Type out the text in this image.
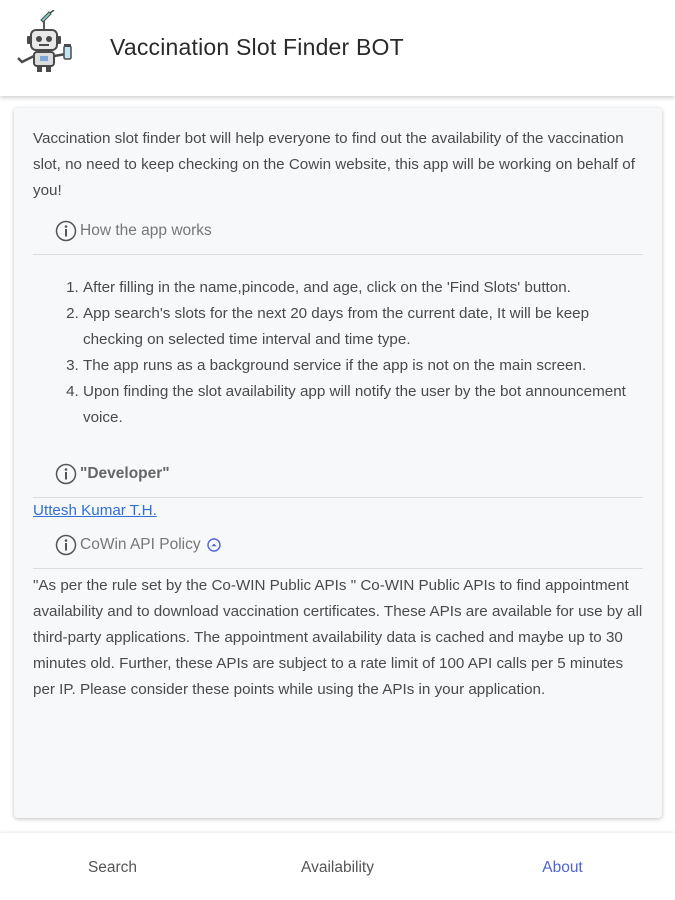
Vaccination Slot Finder BOT

Vaccination slot finder bot will help everyone to find out the availability of the vaccination slot, no need to keep checking on the Cowin website, this app will be working on behalf of you!

How the app works
1. After filling in the name,pincode, and age, click on the 'Find Slots' button.
2. App search's slots for the next 20 days from the current date, It will be keep checking on selected time interval and time type.
3. The app runs as a background service if the app is not on the main screen.
4. Upon finding the slot availability app will notify the user by the bot announcement voice.
"Developer"
Uttesh Kumar T.H.
CoWin API Policy

"As per the rule set by the Co-WIN Public APIs " Co-WIN Public APIs to find appointment availability and to download vaccination certificates. These APIs are available for use by all third-party applications. The appointment availability data is cached and maybe up to 30 minutes old. Further, these APIs are subject to a rate limit of 100 API calls per 5 minutes per IP. Please consider these points while using the APIs in your application.

Search	Availability	About
